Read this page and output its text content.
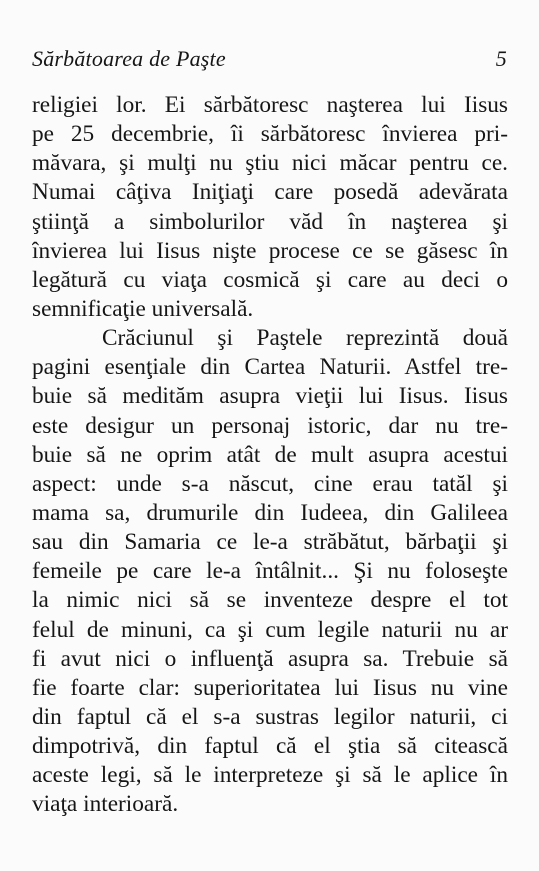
Sărbătoarea de Paşte	5
religiei lor. Ei sărbătoresc naşterea lui Iisus
pe 25 decembrie, îi sărbătoresc învierea pri-
măvara, şi mulţi nu ştiu nici măcar pentru ce.
Numai câţiva Iniţiaţi care posedă adevărata
ştiinţă a simbolurilor văd în naşterea şi
învierea lui Iisus nişte procese ce se găsesc în
legătură cu viaţa cosmică şi care au deci o
semnificaţie universală.
Crăciunul şi Paştele reprezintă două
pagini esenţiale din Cartea Naturii. Astfel tre-
buie să medităm asupra vieţii lui Iisus. Iisus
este desigur un personaj istoric, dar nu tre-
buie să ne oprim atât de mult asupra acestui
aspect: unde s-a născut, cine erau tatăl şi
mama sa, drumurile din Iudeea, din Galileea
sau din Samaria ce le-a străbătut, bărbaţii şi
femeile pe care le-a întâlnit... Şi nu foloseşte
la nimic nici să se inventeze despre el tot
felul de minuni, ca şi cum legile naturii nu ar
fi avut nici o influenţă asupra sa. Trebuie să
fie foarte clar: superioritatea lui Iisus nu vine
din faptul că el s-a sustras legilor naturii, ci
dimpotrivă, din faptul că el ştia să citească
aceste legi, să le interpreteze şi să le aplice în
viaţa interioară.
